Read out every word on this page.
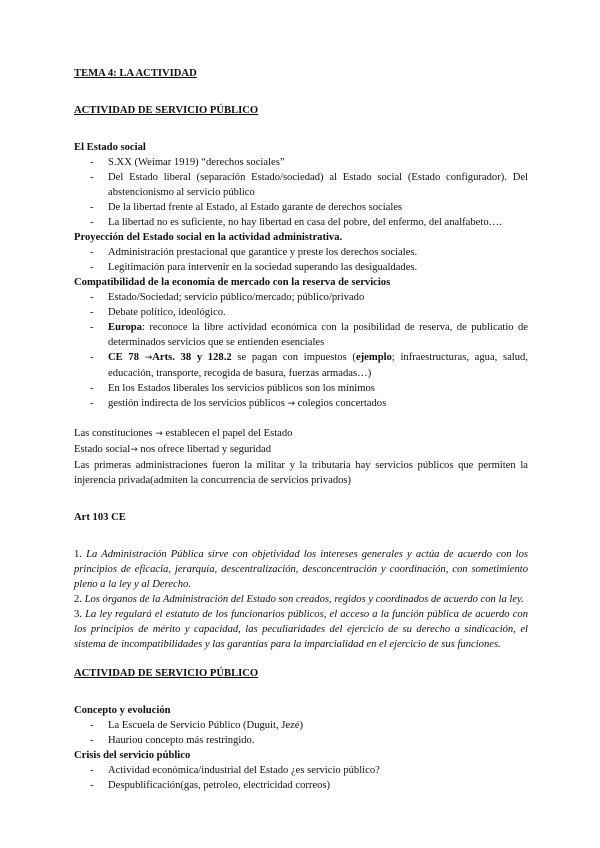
TEMA 4: LA ACTIVIDAD

ACTIVIDAD DE SERVICIO PÚBLICO

El Estado social

- S.XX (Weimar 1919) “derechos sociales”
- Del Estado liberal (separación Estado/sociedad) al Estado social (Estado configurador). Del abstencionismo al servicio público
- De la libertad frente al Estado, al Estado garante de derechos sociales
- La libertad no es suficiente, no hay libertad en casa del pobre, del enfermo, del analfabeto….

Proyección del Estado social en la actividad administrativa.

- Administración prestacional que garantice y preste los derechos sociales.
- Legitimación para intervenir en la sociedad superando las desigualdades.

Compatibilidad de la economía de mercado con la reserva de servicios

- Estado/Sociedad; servicio público/mercado; público/privado
- Debate político, ideológico.
- Europa: reconoce la libre actividad económica con la posibilidad de reserva, de publicatio de determinados servicios que se entienden esenciales
- CE 78 →Arts. 38 y 128.2 se pagan con impuestos (ejemplo; infraestructuras, agua, salud, educación, transporte, recogida de basura, fuerzas armadas…)
- En los Estados liberales los servicios públicos son los mínimos
- gestión indirecta de los servicios públicos → colegios concertados

Las constituciones → establecen el papel del Estado

Estado social→ nos ofrece libertad y seguridad

Las primeras administraciones fueron la militar y la tributaria hay servicios públicos que permiten la injerencia privada(admiten la concurrencia de servicios privados)

Art 103 CE

1. La Administración Pública sirve con objetividad los intereses generales y actúa de acuerdo con los principios de eficacia, jerarquía, descentralización, desconcentración y coordinación, con sometimiento pleno a la ley y al Derecho.

2. Los órganos de la Administración del Estado son creados, regidos y coordinados de acuerdo con la ley.

3. La ley regulará el estatuto de los funcionarios públicos, el acceso a la función pública de acuerdo con los principios de mérito y capacidad, las peculiaridades del ejercicio de su derecho a sindicación, el sistema de incompatibilidades y las garantías para la imparcialidad en el ejercicio de sus funciones.

ACTIVIDAD DE SERVICIO PÚBLICO

Concepto y evolución

- La Escuela de Servicio Público (Duguit, Jezé)
- Hauriou concepto más restringido.

Crisis del servicio público

- Actividad económica/industrial del Estado ¿es servicio público?
- Despublificación(gas, petroleo, electricidad correos)
